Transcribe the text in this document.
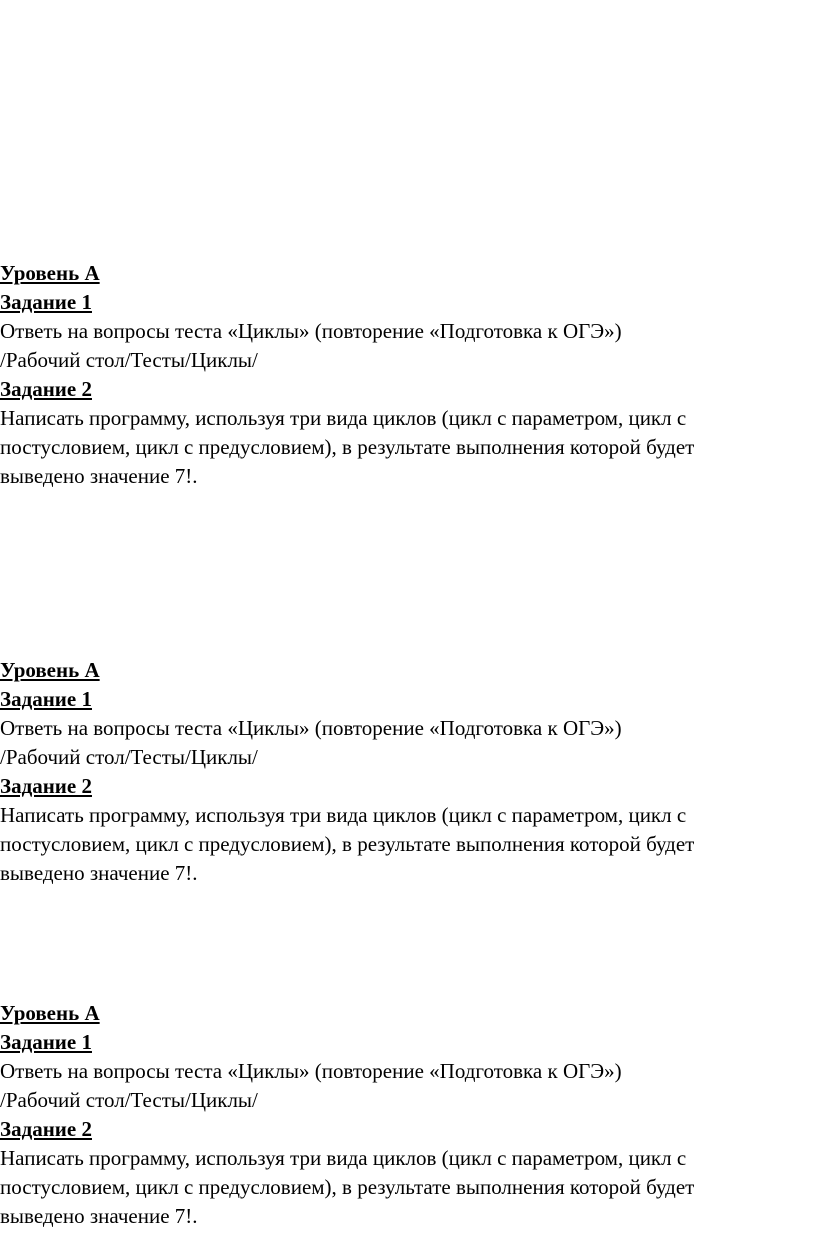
Уровень А

Задание 1

Ответь на вопросы теста «Циклы» (повторение «Подготовка к ОГЭ»)

/Рабочий стол/Тесты/Циклы/

Задание 2

Написать программу, используя три вида циклов (цикл с параметром, цикл с

постусловием, цикл с предусловием), в результате выполнения которой будет

выведено значение 7!.

Уровень А

Задание 1

Ответь на вопросы теста «Циклы» (повторение «Подготовка к ОГЭ»)

/Рабочий стол/Тесты/Циклы/

Задание 2

Написать программу, используя три вида циклов (цикл с параметром, цикл с

постусловием, цикл с предусловием), в результате выполнения которой будет

выведено значение 7!.

Уровень А

Задание 1

Ответь на вопросы теста «Циклы» (повторение «Подготовка к ОГЭ»)

/Рабочий стол/Тесты/Циклы/

Задание 2

Написать программу, используя три вида циклов (цикл с параметром, цикл с

постусловием, цикл с предусловием), в результате выполнения которой будет

выведено значение 7!.
